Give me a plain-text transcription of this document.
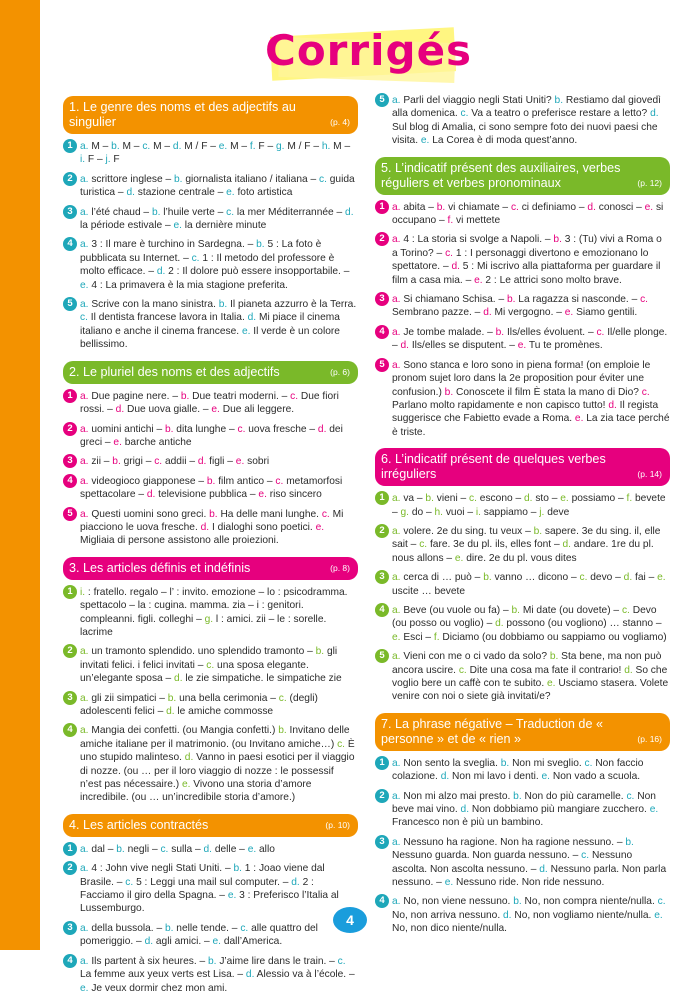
Corrigés
1. Le genre des noms et des adjectifs au singulier	(p. 4)
1 a. M – b. M – c. M – d. M / F – e. M – f. F – g. M / F – h. M – i. F – j. F
2 a. scrittore inglese – b. giornalista italiano / italiana – c. guida turistica – d. stazione centrale – e. foto artistica
3 a. l’été chaud – b. l’huile verte – c. la mer Méditerrannée – d. la période estivale – e. la dernière minute
4 a. 3 : Il mare è turchino in Sardegna. – b. 5 : La foto è pubblicata su Internet. – c. 1 : Il metodo del professore è molto efficace. – d. 2 : Il dolore può essere insopportabile. – e. 4 : La primavera è la mia stagione preferita.
5 a. Scrive con la mano sinistra. b. Il pianeta azzurro è la Terra. c. Il dentista francese lavora in Italia. d. Mi piace il cinema italiano e anche il cinema francese. e. Il verde è un colore bellissimo.
2. Le pluriel des noms et des adjectifs	(p. 6)
1 a. Due pagine nere. – b. Due teatri moderni. – c. Due fiori rossi. – d. Due uova gialle. – e. Due ali leggere.
2 a. uomini antichi – b. dita lunghe – c. uova fresche – d. dei greci – e. barche antiche
3 a. zii – b. grigi – c. addii – d. figli – e. sobri
4 a. videogioco giapponese – b. film antico – c. metamorfosi spettacolare – d. televisione pubblica – e. riso sincero
5 a. Questi uomini sono greci. b. Ha delle mani lunghe. c. Mi piacciono le uova fresche. d. I dialoghi sono poetici. e. Migliaia di persone assistono alle proiezioni.
3. Les articles définis et indéfinis	(p. 8)
1 i. : fratello. regalo – l’ : invito. emozione – lo : psicodramma. spettacolo – la : cugina. mamma. zia – i : genitori. compleanni. figli. colleghi – g. l : amici. zii – le : sorelle. lacrime
2 a. un tramonto splendido. uno splendido tramonto – b. gli invitati felici. i felici invitati – c. una sposa elegante. un’elegante sposa – d. le zie simpatiche. le simpatiche zie
3 a. gli zii simpatici – b. una bella cerimonia – c. (degli) adolescenti felici – d. le amiche commosse
4 a. Mangia dei confetti. (ou Mangia confetti.) b. Invitano delle amiche italiane per il matrimonio. (ou Invitano amiche…) c. È uno stupido malinteso. d. Vanno in paesi esotici per il viaggio di nozze. (ou … per il loro viaggio di nozze : le possessif n’est pas nécessaire.) e. Vivono una storia d’amore incredibile. (ou … un’incredibile storia d’amore.)
4. Les articles contractés	(p. 10)
1 a. dal – b. negli – c. sulla – d. delle – e. allo
2 a. 4 : John vive negli Stati Uniti. – b. 1 : Joao viene dal Brasile. – c. 5 : Leggi una mail sul computer. – d. 2 : Facciamo il giro della Spagna. – e. 3 : Preferisco l’Italia al Lussemburgo.
3 a. della bussola. – b. nelle tende. – c. alle quattro del pomeriggio. – d. agli amici. – e. dall’America.
4 a. Ils partent à six heures. – b. J’aime lire dans le train. – c. La femme aux yeux verts est Lisa. – d. Alessio va à l’école. – e. Je veux dormir chez mon ami.
5 a. Parli del viaggio negli Stati Uniti? b. Restiamo dal giovedì alla domenica. c. Va a teatro o preferisce restare a letto? d. Sul blog di Amalia, ci sono sempre foto dei nuovi paesi che visita. e. La Corea è di moda quest’anno.
5. L’indicatif présent des auxiliaires, verbes réguliers et verbes pronominaux	(p. 12)
1 a. abita – b. vi chiamate – c. ci definiamo – d. conosci – e. si occupano – f. vi mettete
2 a. 4 : La storia si svolge a Napoli. – b. 3 : (Tu) vivi a Roma o a Torino? – c. 1 : I personaggi divertono e emozionano lo spettatore. – d. 5 : Mi iscrivo alla piattaforma per guardare il film a casa mia. – e. 2 : Le attrici sono molto brave.
3 a. Si chiamano Schisa. – b. La ragazza si nasconde. – c. Sembrano pazze. – d. Mi vergogno. – e. Siamo gentili.
4 a. Je tombe malade. – b. Ils/elles évoluent. – c. Il/elle plonge. – d. Ils/elles se disputent. – e. Tu te promènes.
5 a. Sono stanca e loro sono in piena forma! (on emploie le pronom sujet loro dans la 2e proposition pour éviter une confusion.) b. Conoscete il film È stata la mano di Dio? c. Parlano molto rapidamente e non capisco tutto! d. Il regista suggerisce che Fabietto evade a Roma. e. La zia tace perché è triste.
6. L’indicatif présent de quelques verbes irréguliers	(p. 14)
1 a. va – b. vieni – c. escono – d. sto – e. possiamo – f. bevete – g. do – h. vuoi – i. sappiamo – j. deve
2 a. volere. 2e du sing. tu veux – b. sapere. 3e du sing. il, elle sait – c. fare. 3e du pl. ils, elles font – d. andare. 1re du pl. nous allons – e. dire. 2e du pl. vous dites
3 a. cerca di … può – b. vanno … dicono – c. devo – d. fai – e. uscite … bevete
4 a. Beve (ou vuole ou fa) – b. Mi date (ou dovete) – c. Devo (ou posso ou voglio) – d. possono (ou vogliono) … stanno – e. Esci – f. Diciamo (ou dobbiamo ou sappiamo ou vogliamo)
5 a. Vieni con me o ci vado da solo? b. Sta bene, ma non può ancora uscire. c. Dite una cosa ma fate il contrario! d. So che voglio bere un caffè con te subito. e. Usciamo stasera. Volete venire con noi o siete già invitati/e?
7. La phrase négative – Traduction de « personne » et de « rien »	(p. 16)
1 a. Non sento la sveglia. b. Non mi sveglio. c. Non faccio colazione. d. Non mi lavo i denti. e. Non vado a scuola.
2 a. Non mi alzo mai presto. b. Non do più caramelle. c. Non beve mai vino. d. Non dobbiamo più mangiare zucchero. e. Francesco non è più un bambino.
3 a. Nessuno ha ragione. Non ha ragione nessuno. – b. Nessuno guarda. Non guarda nessuno. – c. Nessuno ascolta. Non ascolta nessuno. – d. Nessuno parla. Non parla nessuno. – e. Nessuno ride. Non ride nessuno.
4 a. No, non viene nessuno. b. No, non compra niente/nulla. c. No, non arriva nessuno. d. No, non vogliamo niente/nulla. e. No, non dico niente/nulla.
4
